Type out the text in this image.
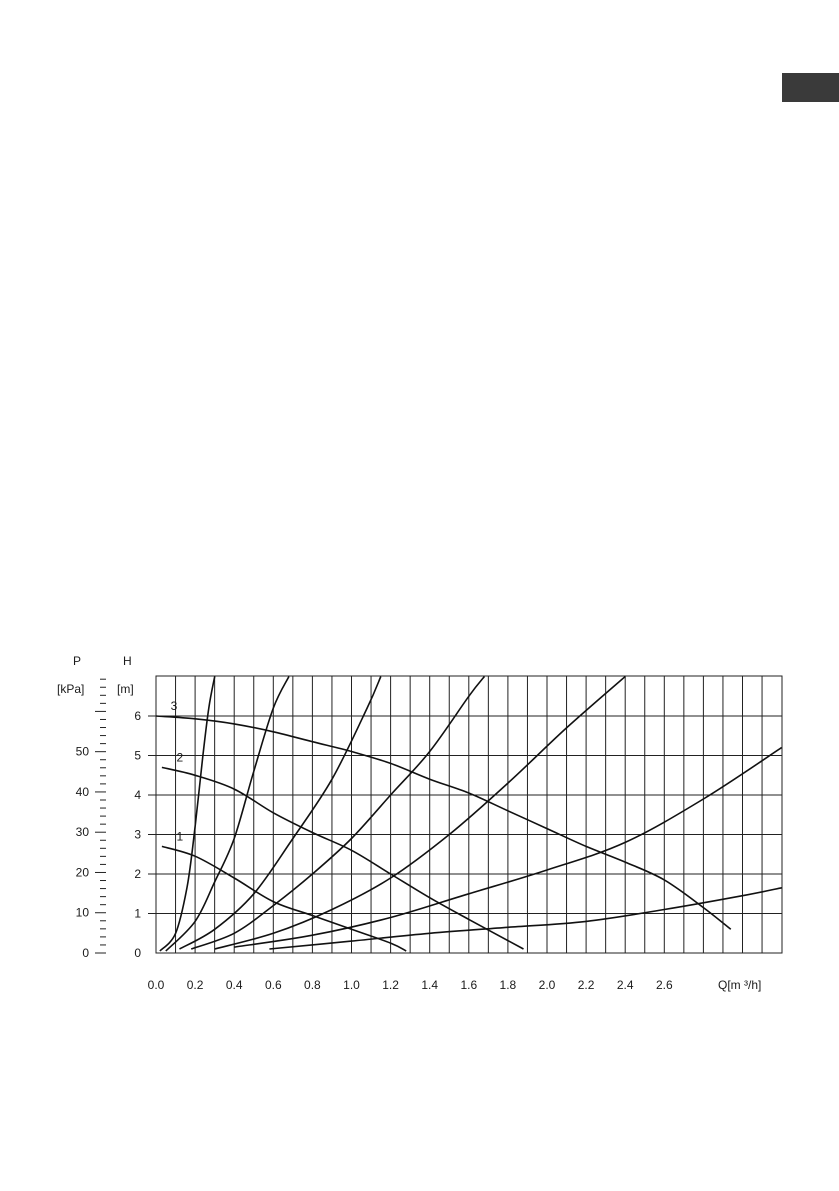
P
[kPa]
H
[m]
Q[m ³/h]
0.0 0.2 0.4 0.6 0.8 1.0 1.2 1.4 1.6 1.8 2.0 2.2 2.4 2.6
0
1
2
3
4
5
6
0
10
20
30
40
50
1
2
3
